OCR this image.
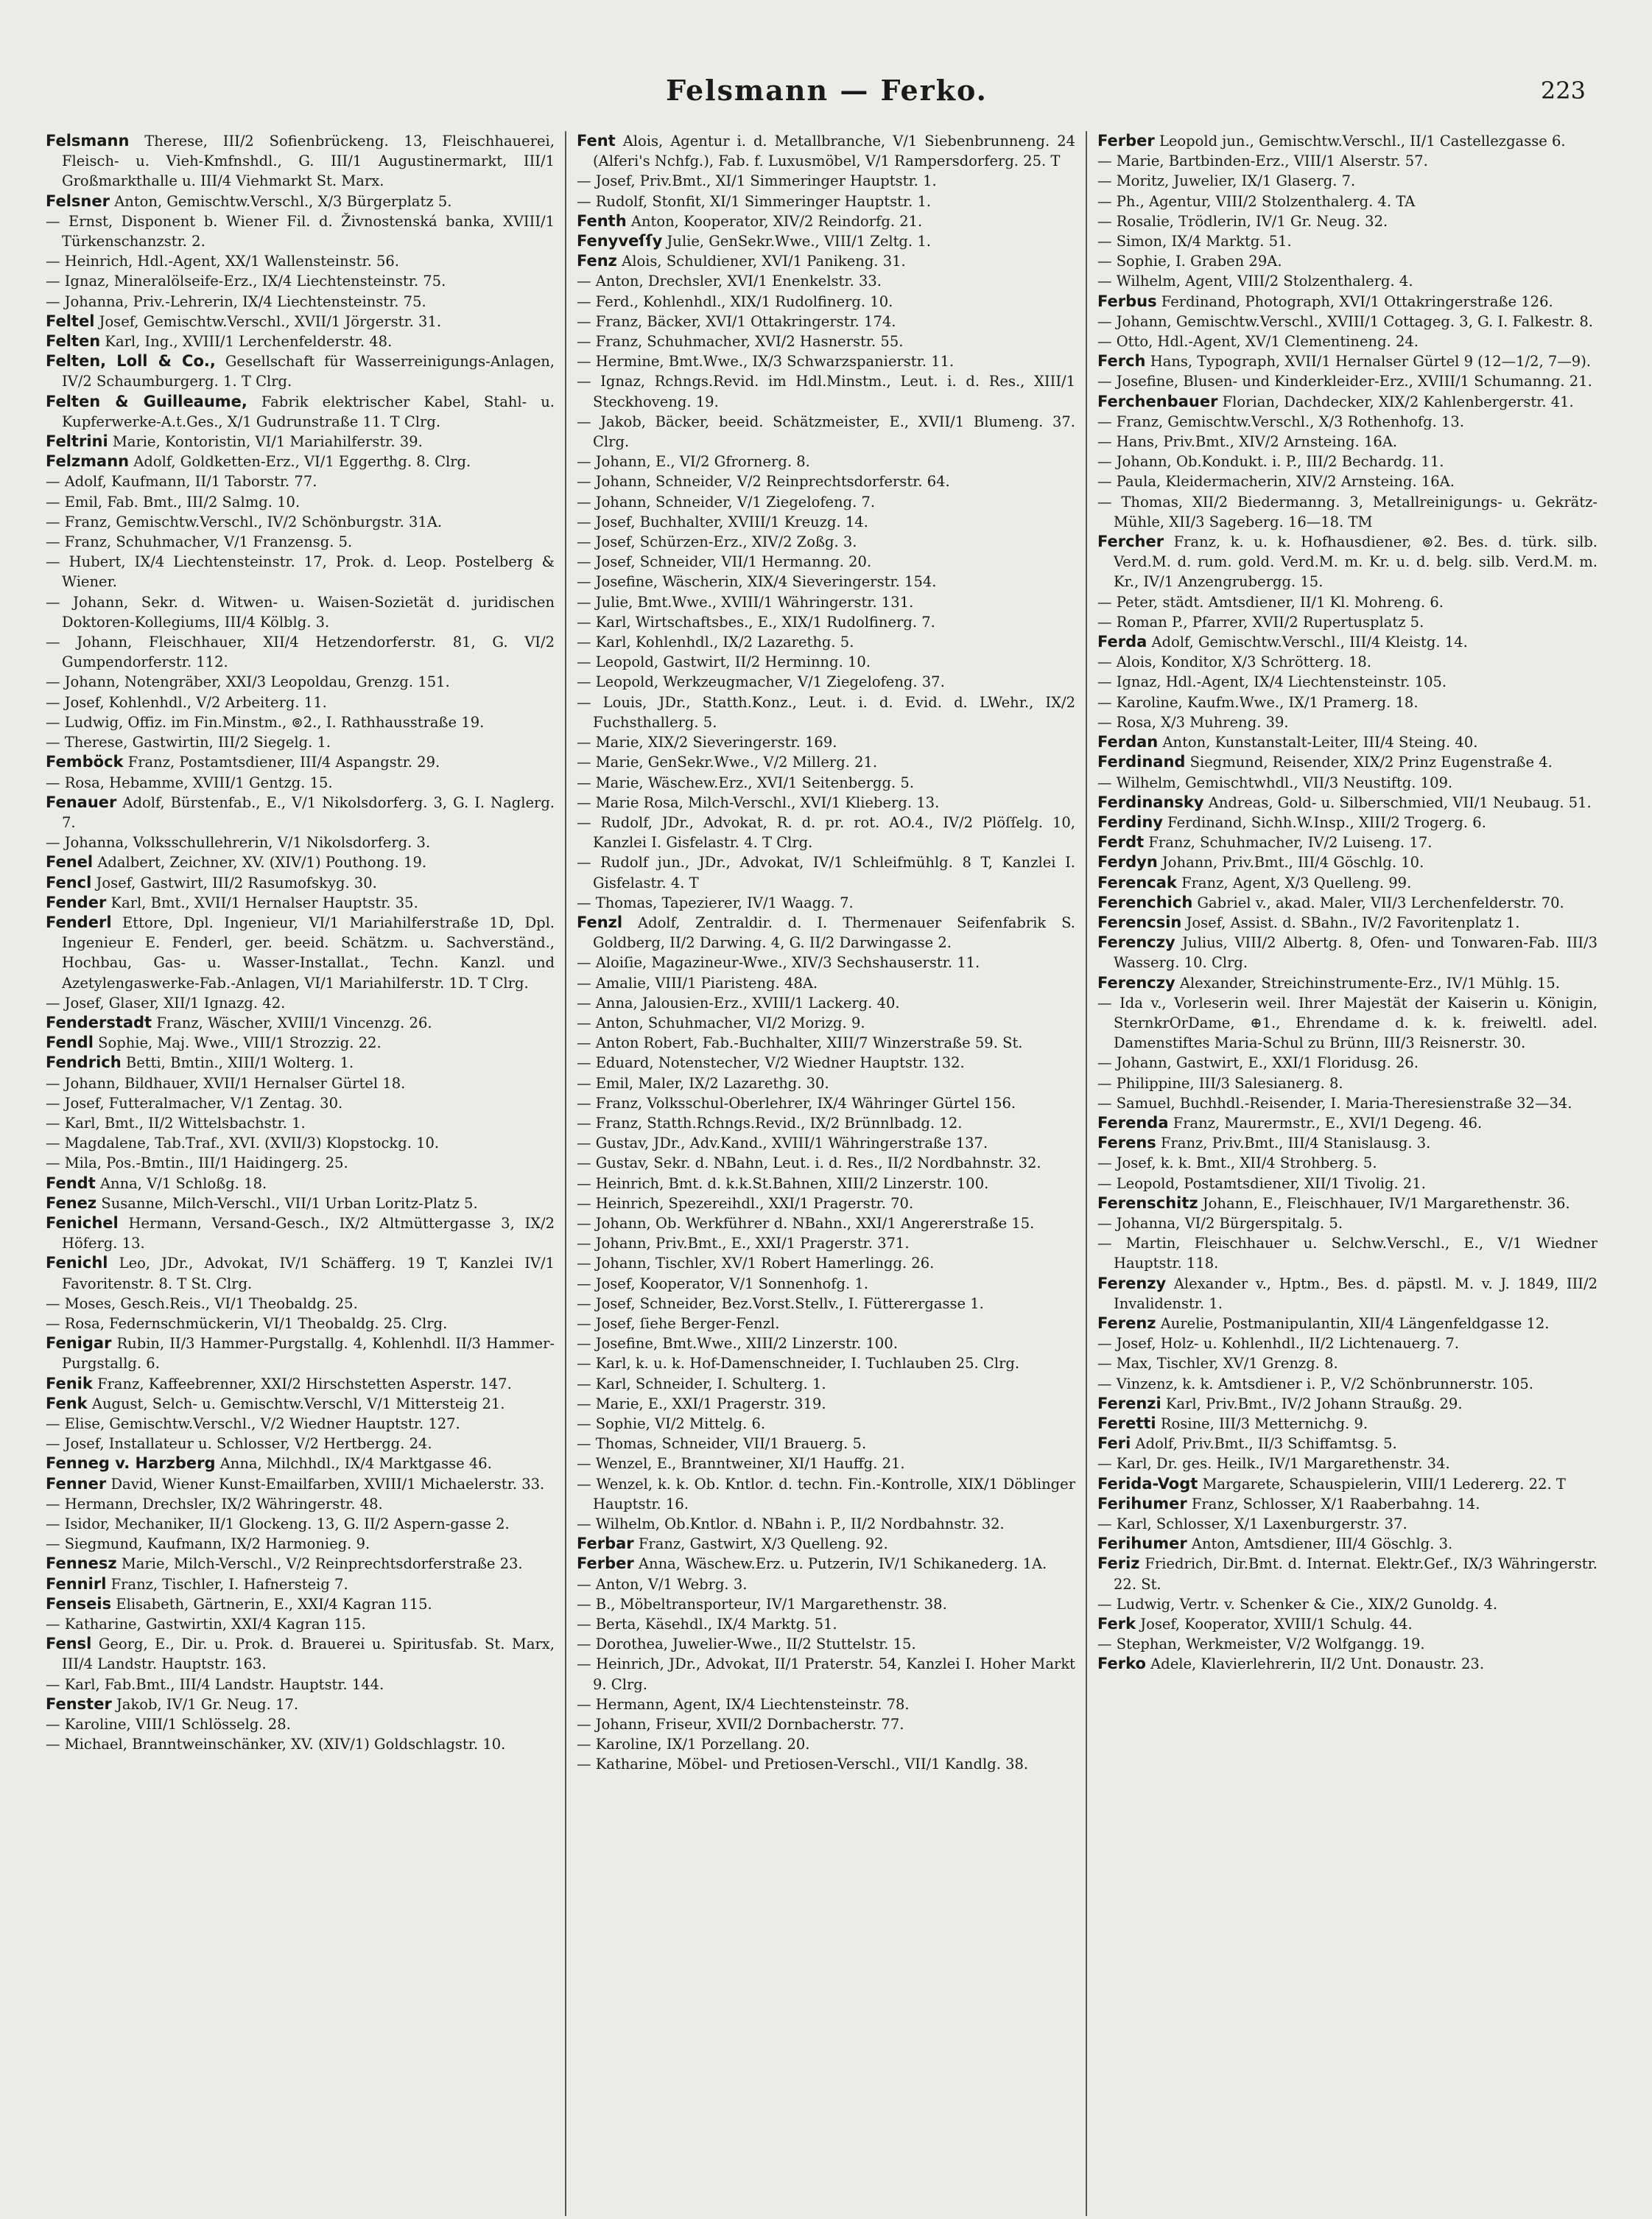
Felsmann — Ferko.	223

Felsmann Therese, III/2 Sofienbrückeng. 13, Fleischhauerei, Fleisch- u. Vieh-Kmfnshdl., G. III/1 Augustinermarkt, III/1 Großmarkthalle u. III/4 Viehmarkt St. Marx.

Felsner Anton, Gemischtw.Verschl., X/3 Bürgerplatz 5.

— Ernst, Disponent b. Wiener Fil. d. Živnostenská banka, XVIII/1 Türkenschanzstr. 2.

— Heinrich, Hdl.-Agent, XX/1 Wallensteinstr. 56.

— Ignaz, Mineralölseife-Erz., IX/4 Liechtensteinstr. 75.

— Johanna, Priv.-Lehrerin, IX/4 Liechtensteinstr. 75.

Feltel Josef, Gemischtw.Verschl., XVII/1 Jörgerstr. 31.

Felten Karl, Ing., XVIII/1 Lerchenfelderstr. 48.

Felten, Loll & Co., Gesellschaft für Wasserreinigungs-Anlagen, IV/2 Schaumburgerg. 1. T Clrg.

Felten & Guilleaume, Fabrik elektrischer Kabel, Stahl- u. Kupferwerke-A.t.Ges., X/1 Gudrunstraße 11. T Clrg.

Feltrini Marie, Kontoristin, VI/1 Mariahilferstr. 39.

Felzmann Adolf, Goldketten-Erz., VI/1 Eggerthg. 8. Clrg.

— Adolf, Kaufmann, II/1 Taborstr. 77.

— Emil, Fab. Bmt., III/2 Salmg. 10.

— Franz, Gemischtw.Verschl., IV/2 Schönburgstr. 31A.

— Franz, Schuhmacher, V/1 Franzensg. 5.

— Hubert, IX/4 Liechtensteinstr. 17, Prok. d. Leop. Postelberg & Wiener.

— Johann, Sekr. d. Witwen- u. Waisen-Sozietät d. juridischen Doktoren-Kollegiums, III/4 Kölblg. 3.

— Johann, Fleischhauer, XII/4 Hetzendorferstr. 81, G. VI/2 Gumpendorferstr. 112.

— Johann, Notengräber, XXI/3 Leopoldau, Grenzg. 151.

— Josef, Kohlenhdl., V/2 Arbeiterg. 11.

— Ludwig, Offiz. im Fin.Minstm., ⊚2., I. Rathhausstraße 19.

— Therese, Gastwirtin, III/2 Siegelg. 1.

Femböck Franz, Postamtsdiener, III/4 Aspangstr. 29.

— Rosa, Hebamme, XVIII/1 Gentzg. 15.

Fenauer Adolf, Bürstenfab., E., V/1 Nikolsdorferg. 3, G. I. Naglerg. 7.

— Johanna, Volksschullehrerin, V/1 Nikolsdorferg. 3.

Fenel Adalbert, Zeichner, XV. (XIV/1) Pouthong. 19.

Fencl Josef, Gastwirt, III/2 Rasumofskyg. 30.

Fender Karl, Bmt., XVII/1 Hernalser Hauptstr. 35.

Fenderl Ettore, Dpl. Ingenieur, VI/1 Mariahilferstraße 1D, Dpl. Ingenieur E. Fenderl, ger. beeid. Schätzm. u. Sachverständ., Hochbau, Gas- u. Wasser-Installat., Techn. Kanzl. und Azetylengaswerke-Fab.-Anlagen, VI/1 Mariahilferstr. 1D. T Clrg.

— Josef, Glaser, XII/1 Ignazg. 42.

Fenderstadt Franz, Wäscher, XVIII/1 Vincenzg. 26.

Fendl Sophie, Maj. Wwe., VIII/1 Strozzig. 22.

Fendrich Betti, Bmtin., XIII/1 Wolterg. 1.

— Johann, Bildhauer, XVII/1 Hernalser Gürtel 18.

— Josef, Futteralmacher, V/1 Zentag. 30.

— Karl, Bmt., II/2 Wittelsbachstr. 1.

— Magdalene, Tab.Traf., XVI. (XVII/3) Klopstockg. 10.

— Mila, Pos.-Bmtin., III/1 Haidingerg. 25.

Fendt Anna, V/1 Schloßg. 18.

Fenez Susanne, Milch-Verschl., VII/1 Urban Loritz-Platz 5.

Fenichel Hermann, Versand-Gesch., IX/2 Altmüttergasse 3, IX/2 Höferg. 13.

Fenichl Leo, JDr., Advokat, IV/1 Schäfferg. 19 T, Kanzlei IV/1 Favoritenstr. 8. T St. Clrg.

— Moses, Gesch.Reis., VI/1 Theobaldg. 25.

— Rosa, Federnschmückerin, VI/1 Theobaldg. 25. Clrg.

Fenigar Rubin, II/3 Hammer-Purgstallg. 4, Kohlenhdl. II/3 Hammer-Purgstallg. 6.

Fenik Franz, Kaffeebrenner, XXI/2 Hirschstetten Asperstr. 147.

Fenk August, Selch- u. Gemischtw.Verschl, V/1 Mittersteig 21.

— Elise, Gemischtw.Verschl., V/2 Wiedner Hauptstr. 127.

— Josef, Installateur u. Schlosser, V/2 Hertbergg. 24.

Fenneg v. Harzberg Anna, Milchhdl., IX/4 Marktgasse 46.

Fenner David, Wiener Kunst-Emailfarben, XVIII/1 Michaelerstr. 33.

— Hermann, Drechsler, IX/2 Währingerstr. 48.

— Isidor, Mechaniker, II/1 Glockeng. 13, G. II/2 Aspern-gasse 2.

— Siegmund, Kaufmann, IX/2 Harmonieg. 9.

Fennesz Marie, Milch-Verschl., V/2 Reinprechtsdorferstraße 23.

Fennirl Franz, Tischler, I. Hafnersteig 7.

Fenseis Elisabeth, Gärtnerin, E., XXI/4 Kagran 115.

— Katharine, Gastwirtin, XXI/4 Kagran 115.

Fensl Georg, E., Dir. u. Prok. d. Brauerei u. Spiritusfab. St. Marx, III/4 Landstr. Hauptstr. 163.

— Karl, Fab.Bmt., III/4 Landstr. Hauptstr. 144.

Fenster Jakob, IV/1 Gr. Neug. 17.

— Karoline, VIII/1 Schlösselg. 28.

— Michael, Branntweinschänker, XV. (XIV/1) Goldschlagstr. 10.

Fent Alois, Agentur i. d. Metallbranche, V/1 Siebenbrunneng. 24 (Alferi's Nchfg.), Fab. f. Luxusmöbel, V/1 Rampersdorferg. 25. T

— Josef, Priv.Bmt., XI/1 Simmeringer Hauptstr. 1.

— Rudolf, Stonfit, XI/1 Simmeringer Hauptstr. 1.

Fenth Anton, Kooperator, XIV/2 Reindorfg. 21.

Fenyveſſy Julie, GenSekr.Wwe., VIII/1 Zeltg. 1.

Fenz Alois, Schuldiener, XVI/1 Panikeng. 31.

— Anton, Drechsler, XVI/1 Enenkelstr. 33.

— Ferd., Kohlenhdl., XIX/1 Rudolfinerg. 10.

— Franz, Bäcker, XVI/1 Ottakringerstr. 174.

— Franz, Schuhmacher, XVI/2 Hasnerstr. 55.

— Hermine, Bmt.Wwe., IX/3 Schwarzspanierstr. 11.

— Ignaz, Rchngs.Revid. im Hdl.Minstm., Leut. i. d. Res., XIII/1 Steckhoveng. 19.

— Jakob, Bäcker, beeid. Schätzmeister, E., XVII/1 Blumeng. 37. Clrg.

— Johann, E., VI/2 Gfrornerg. 8.

— Johann, Schneider, V/2 Reinprechtsdorferstr. 64.

— Johann, Schneider, V/1 Ziegelofeng. 7.

— Josef, Buchhalter, XVIII/1 Kreuzg. 14.

— Josef, Schürzen-Erz., XIV/2 Zoßg. 3.

— Josef, Schneider, VII/1 Hermanng. 20.

— Josefine, Wäscherin, XIX/4 Sieveringerstr. 154.

— Julie, Bmt.Wwe., XVIII/1 Währingerstr. 131.

— Karl, Wirtschaftsbes., E., XIX/1 Rudolfinerg. 7.

— Karl, Kohlenhdl., IX/2 Lazarethg. 5.

— Leopold, Gastwirt, II/2 Herminng. 10.

— Leopold, Werkzeugmacher, V/1 Ziegelofeng. 37.

— Louis, JDr., Statth.Konz., Leut. i. d. Evid. d. LWehr., IX/2 Fuchsthallerg. 5.

— Marie, XIX/2 Sieveringerstr. 169.

— Marie, GenSekr.Wwe., V/2 Millerg. 21.

— Marie, Wäschew.Erz., XVI/1 Seitenbergg. 5.

— Marie Rosa, Milch-Verschl., XVI/1 Klieberg. 13.

— Rudolf, JDr., Advokat, R. d. pr. rot. AO.4., IV/2 Plöſſelg. 10, Kanzlei I. Gisfelastr. 4. T Clrg.

— Rudolf jun., JDr., Advokat, IV/1 Schleifmühlg. 8 T, Kanzlei I. Gisfelastr. 4. T

— Thomas, Tapezierer, IV/1 Waagg. 7.

Fenzl Adolf, Zentraldir. d. I. Thermenauer Seifenfabrik S. Goldberg, II/2 Darwing. 4, G. II/2 Darwingasse 2.

— Aloiſie, Magazineur-Wwe., XIV/3 Sechshauserstr. 11.

— Amalie, VIII/1 Piaristeng. 48A.

— Anna, Jalousien-Erz., XVIII/1 Lackerg. 40.

— Anton, Schuhmacher, VI/2 Morizg. 9.

— Anton Robert, Fab.-Buchhalter, XIII/7 Winzerstraße 59. St.

— Eduard, Notenstecher, V/2 Wiedner Hauptstr. 132.

— Emil, Maler, IX/2 Lazarethg. 30.

— Franz, Volksschul-Oberlehrer, IX/4 Währinger Gürtel 156.

— Franz, Statth.Rchngs.Revid., IX/2 Brünnlbadg. 12.

— Gustav, JDr., Adv.Kand., XVIII/1 Währingerstraße 137.

— Gustav, Sekr. d. NBahn, Leut. i. d. Res., II/2 Nordbahnstr. 32.

— Heinrich, Bmt. d. k.k.St.Bahnen, XIII/2 Linzerstr. 100.

— Heinrich, Spezereihdl., XXI/1 Pragerstr. 70.

— Johann, Ob. Werkführer d. NBahn., XXI/1 Angererstraße 15.

— Johann, Priv.Bmt., E., XXI/1 Pragerstr. 371.

— Johann, Tischler, XV/1 Robert Hamerlingg. 26.

— Josef, Kooperator, V/1 Sonnenhofg. 1.

— Josef, Schneider, Bez.Vorst.Stellv., I. Fütterergasse 1.

— Josef, ſiehe Berger-Fenzl.

— Josefine, Bmt.Wwe., XIII/2 Linzerstr. 100.

— Karl, k. u. k. Hof-Damenschneider, I. Tuchlauben 25. Clrg.

— Karl, Schneider, I. Schulterg. 1.

— Marie, E., XXI/1 Pragerstr. 319.

— Sophie, VI/2 Mittelg. 6.

— Thomas, Schneider, VII/1 Brauerg. 5.

— Wenzel, E., Branntweiner, XI/1 Hauffg. 21.

— Wenzel, k. k. Ob. Kntlor. d. techn. Fin.-Kontrolle, XIX/1 Döblinger Hauptstr. 16.

— Wilhelm, Ob.Kntlor. d. NBahn i. P., II/2 Nordbahnstr. 32.

Ferbar Franz, Gastwirt, X/3 Quellenɡ. 92.

Ferber Anna, Wäschew.Erz. u. Putzerin, IV/1 Schikanederg. 1A.

— Anton, V/1 Webrg. 3.

— B., Möbeltransporteur, IV/1 Margarethenstr. 38.

— Berta, Käsehdl., IX/4 Marktg. 51.

— Dorothea, Juwelier-Wwe., II/2 Stuttelstr. 15.

— Heinrich, JDr., Advokat, II/1 Praterstr. 54, Kanzlei I. Hoher Markt 9. Clrg.

— Hermann, Agent, IX/4 Liechtensteinstr. 78.

— Johann, Friseur, XVII/2 Dornbacherstr. 77.

— Karoline, IX/1 Porzellang. 20.

— Katharine, Möbel- und Pretiosen-Verschl., VII/1 Kandlg. 38.

Ferber Leopold jun., Gemischtw.Verschl., II/1 Castellezgasse 6.

— Marie, Bartbinden-Erz., VIII/1 Alserstr. 57.

— Moritz, Juwelier, IX/1 Glaserg. 7.

— Ph., Agentur, VIII/2 Stolzenthalerg. 4. TA

— Rosalie, Trödlerin, IV/1 Gr. Neug. 32.

— Simon, IX/4 Marktg. 51.

— Sophie, I. Graben 29A.

— Wilhelm, Agent, VIII/2 Stolzenthalerg. 4.

Ferbus Ferdinand, Photograph, XVI/1 Ottakringerstraße 126.

— Johann, Gemischtw.Verschl., XVIII/1 Cottageg. 3, G. I. Falkestr. 8.

— Otto, Hdl.-Agent, XV/1 Clementineng. 24.

Ferch Hans, Typograph, XVII/1 Hernalser Gürtel 9 (12—1/2, 7—9).

— Josefine, Blusen- und Kinderkleider-Erz., XVIII/1 Schumanng. 21.

Ferchenbauer Florian, Dachdecker, XIX/2 Kahlenbergerstr. 41.

— Franz, Gemischtw.Verschl., X/3 Rothenhofg. 13.

— Hans, Priv.Bmt., XIV/2 Arnsteing. 16A.

— Johann, Ob.Kondukt. i. P., III/2 Bechardg. 11.

— Paula, Kleidermacherin, XIV/2 Arnsteing. 16A.

— Thomas, XII/2 Biedermanng. 3, Metallreinigungs- u. Gekrätz-Mühle, XII/3 Sageberg. 16—18. TM

Fercher Franz, k. u. k. Hofhausdiener, ⊚2. Bes. d. türk. silb. Verd.M. d. rum. gold. Verd.M. m. Kr. u. d. belg. silb. Verd.M. m. Kr., IV/1 Anzengrubergg. 15.

— Peter, städt. Amtsdiener, II/1 Kl. Mohreng. 6.

— Roman P., Pfarrer, XVII/2 Rupertusplatz 5.

Ferda Adolf, Gemischtw.Verschl., III/4 Kleistg. 14.

— Alois, Konditor, X/3 Schrötterg. 18.

— Ignaz, Hdl.-Agent, IX/4 Liechtensteinstr. 105.

— Karoline, Kaufm.Wwe., IX/1 Pramerg. 18.

— Rosa, X/3 Muhreng. 39.

Ferdan Anton, Kunstanstalt-Leiter, III/4 Steing. 40.

Ferdinand Siegmund, Reisender, XIX/2 Prinz Eugenstraße 4.

— Wilhelm, Gemischtwhdl., VII/3 Neustiftg. 109.

Ferdinansky Andreas, Gold- u. Silberschmied, VII/1 Neubaug. 51.

Ferdiny Ferdinand, Sichh.W.Insp., XIII/2 Trogerg. 6.

Ferdt Franz, Schuhmacher, IV/2 Luiseng. 17.

Ferdyn Johann, Priv.Bmt., III/4 Göschlg. 10.

Ferencak Franz, Agent, X/3 Quelleng. 99.

Ferenchich Gabriel v., akad. Maler, VII/3 Lerchenfelderstr. 70.

Ferencsin Josef, Assist. d. SBahn., IV/2 Favoritenplatz 1.

Ferenczy Julius, VIII/2 Albertg. 8, Ofen- und Tonwaren-Fab. III/3 Wasserg. 10. Clrg.

Ferenczy Alexander, Streichinstrumente-Erz., IV/1 Mühlg. 15.

— Ida v., Vorleserin weil. Ihrer Majestät der Kaiserin u. Königin, SternkrOrDame, ⊕1., Ehrendame d. k. k. freiweltl. adel. Damenstiftes Maria-Schul zu Brünn, III/3 Reisnerstr. 30.

— Johann, Gastwirt, E., XXI/1 Floridusg. 26.

— Philippine, III/3 Salesianerg. 8.

— Samuel, Buchhdl.-Reisender, I. Maria-Theresienstraße 32—34.

Ferenda Franz, Maurermstr., E., XVI/1 Degeng. 46.

Ferens Franz, Priv.Bmt., III/4 Stanislausg. 3.

— Josef, k. k. Bmt., XII/4 Strohberg. 5.

— Leopold, Postamtsdiener, XII/1 Tivolig. 21.

Ferenschitz Johann, E., Fleischhauer, IV/1 Margarethenstr. 36.

— Johanna, VI/2 Bürgerspitalg. 5.

— Martin, Fleischhauer u. Selchw.Verschl., E., V/1 Wiedner Hauptstr. 118.

Ferenzy Alexander v., Hptm., Bes. d. päpstl. M. v. J. 1849, III/2 Invalidenstr. 1.

Ferenz Aurelie, Postmanipulantin, XII/4 Längenfeldgasse 12.

— Josef, Holz- u. Kohlenhdl., II/2 Lichtenauerg. 7.

— Max, Tischler, XV/1 Grenzg. 8.

— Vinzenz, k. k. Amtsdiener i. P., V/2 Schönbrunnerstr. 105.

Ferenzi Karl, Priv.Bmt., IV/2 Johann Straußg. 29.

Feretti Rosine, III/3 Metternichg. 9.

Feri Adolf, Priv.Bmt., II/3 Schiffamtsg. 5.

— Karl, Dr. ges. Heilk., IV/1 Margarethenstr. 34.

Ferida-Vogt Margarete, Schauspielerin, VIII/1 Ledererg. 22. T

Ferihumer Franz, Schlosser, X/1 Raaberbahng. 14.

— Karl, Schlosser, X/1 Laxenburgerstr. 37.

Ferihumer Anton, Amtsdiener, III/4 Göschlg. 3.

Feriz Friedrich, Dir.Bmt. d. Internat. Elektr.Gef., IX/3 Währingerstr. 22. St.

— Ludwig, Vertr. v. Schenker & Cie., XIX/2 Gunoldg. 4.

Ferk Josef, Kooperator, XVIII/1 Schulg. 44.

— Stephan, Werkmeister, V/2 Wolfgangg. 19.

Ferko Adele, Klavierlehrerin, II/2 Unt. Donaustr. 23.
